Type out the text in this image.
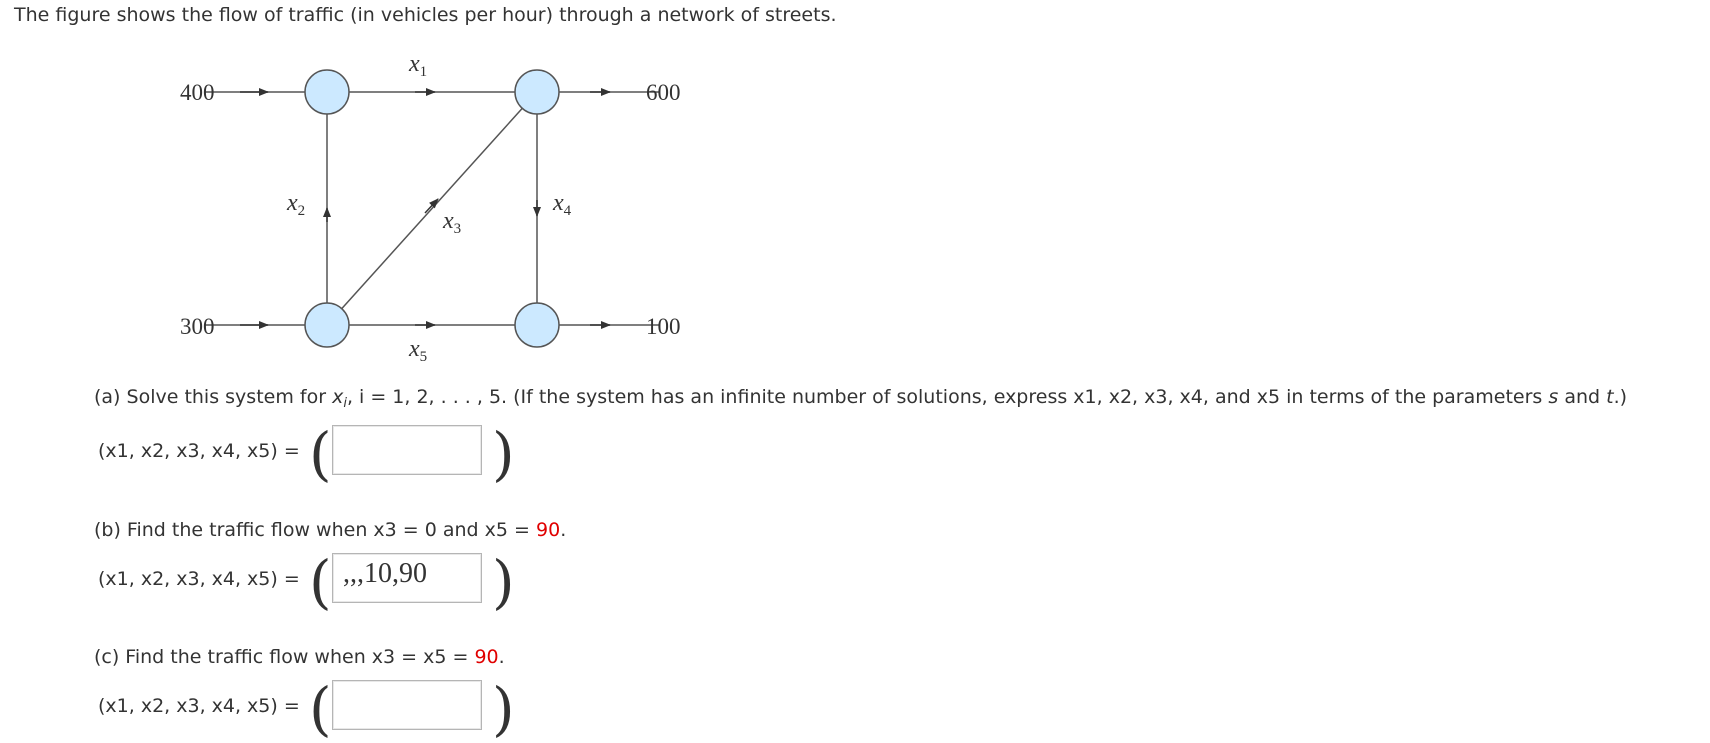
The figure shows the flow of traffic (in vehicles per hour) through a network of streets.
400
300
600
100
$x_1$
$x_2$	$x_3$
$x_4$
$x_5$
(a) Solve this system for $x_i$, i = 1, 2, . . . , 5. (If the system has an infinite number of solutions, express x1, x2, x3, x4, and x5 in terms of the parameters s and t.)
(x1, x2, x3, x4, x5) = (	)
(b) Find the traffic flow when x3 = 0 and x5 = 90.
(x1, x2, x3, x4, x5) = ( ,,,10,90	)
(c) Find the traffic flow when x3 = x5 = 90.
(x1, x2, x3, x4, x5) = (	)
